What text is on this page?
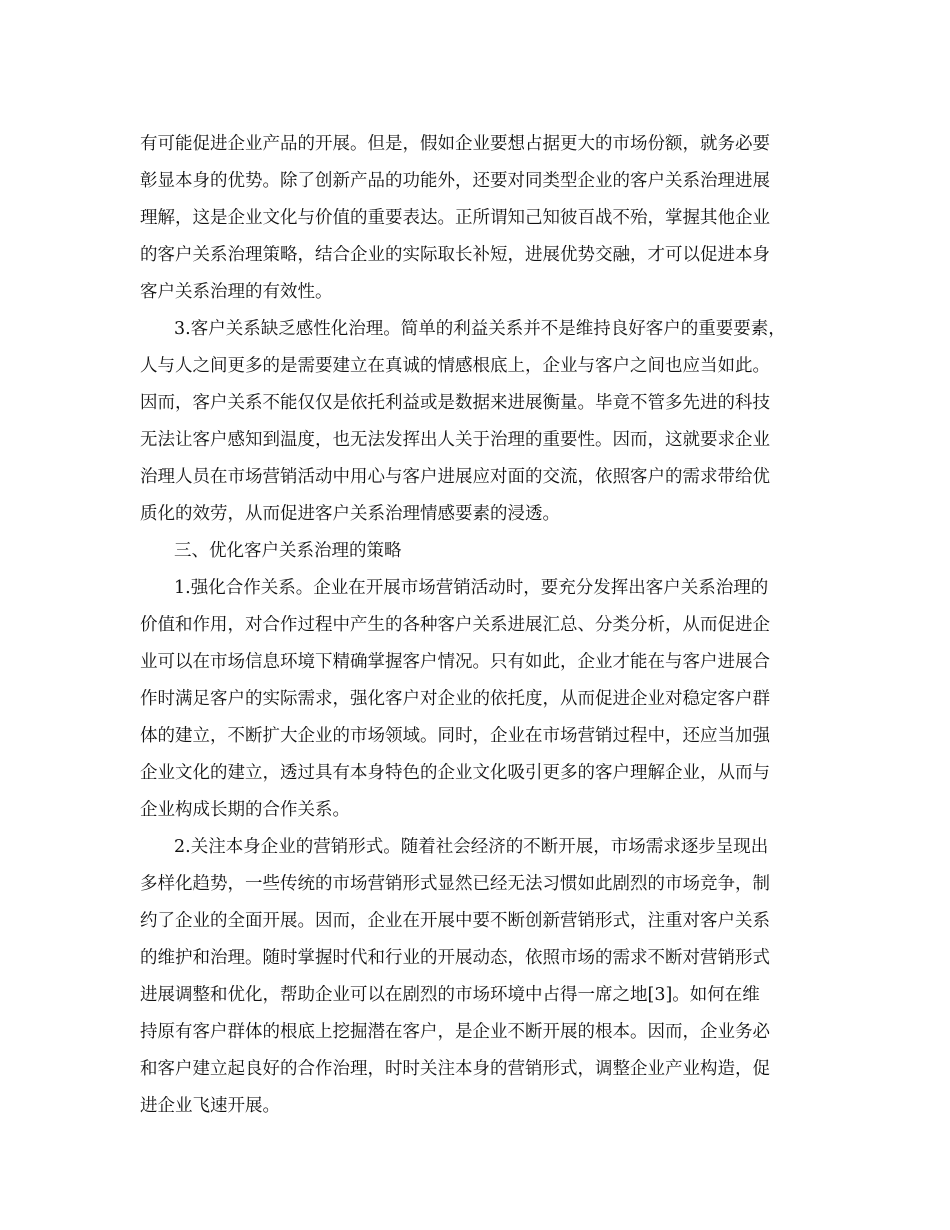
有可能促进企业产品的开展。但是，假如企业要想占据更大的市场份额，就务必要
彰显本身的优势。除了创新产品的功能外，还要对同类型企业的客户关系治理进展
理解，这是企业文化与价值的重要表达。正所谓知己知彼百战不殆，掌握其他企业
的客户关系治理策略，结合企业的实际取长补短，进展优势交融，才可以促进本身
客户关系治理的有效性。
3.客户关系缺乏感性化治理。简单的利益关系并不是维持良好客户的重要要素，
人与人之间更多的是需要建立在真诚的情感根底上，企业与客户之间也应当如此。
因而，客户关系不能仅仅是依托利益或是数据来进展衡量。毕竟不管多先进的科技
无法让客户感知到温度，也无法发挥出人关于治理的重要性。因而，这就要求企业
治理人员在市场营销活动中用心与客户进展应对面的交流，依照客户的需求带给优
质化的效劳，从而促进客户关系治理情感要素的浸透。
三、优化客户关系治理的策略
1.强化合作关系。企业在开展市场营销活动时，要充分发挥出客户关系治理的
价值和作用，对合作过程中产生的各种客户关系进展汇总、分类分析，从而促进企
业可以在市场信息环境下精确掌握客户情况。只有如此，企业才能在与客户进展合
作时满足客户的实际需求，强化客户对企业的依托度，从而促进企业对稳定客户群
体的建立，不断扩大企业的市场领域。同时，企业在市场营销过程中，还应当加强
企业文化的建立，透过具有本身特色的企业文化吸引更多的客户理解企业，从而与
企业构成长期的合作关系。
2.关注本身企业的营销形式。随着社会经济的不断开展，市场需求逐步呈现出
多样化趋势，一些传统的市场营销形式显然已经无法习惯如此剧烈的市场竞争，制
约了企业的全面开展。因而，企业在开展中要不断创新营销形式，注重对客户关系
的维护和治理。随时掌握时代和行业的开展动态，依照市场的需求不断对营销形式
进展调整和优化，帮助企业可以在剧烈的市场环境中占得一席之地[3]。如何在维
持原有客户群体的根底上挖掘潜在客户，是企业不断开展的根本。因而，企业务必
和客户建立起良好的合作治理，时时关注本身的营销形式，调整企业产业构造，促
进企业飞速开展。
